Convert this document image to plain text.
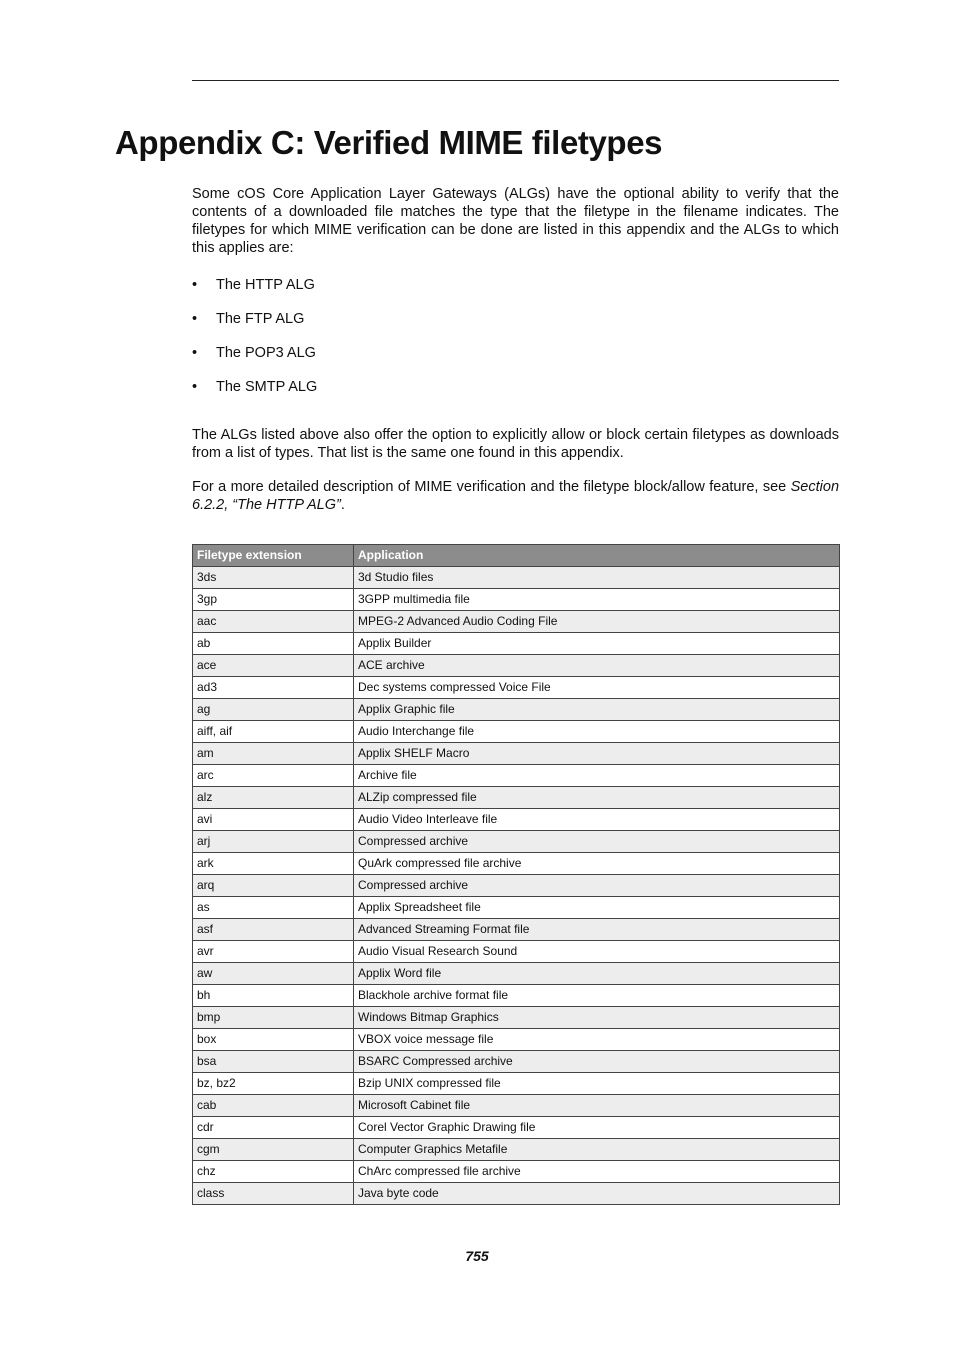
Appendix C: Verified MIME filetypes

Some cOS Core Application Layer Gateways (ALGs) have the optional ability to verify that the contents of a downloaded file matches the type that the filetype in the filename indicates. The filetypes for which MIME verification can be done are listed in this appendix and the ALGs to which this applies are:

• The HTTP ALG
• The FTP ALG
• The POP3 ALG
• The SMTP ALG

The ALGs listed above also offer the option to explicitly allow or block certain filetypes as downloads from a list of types. That list is the same one found in this appendix.

For a more detailed description of MIME verification and the filetype block/allow feature, see Section 6.2.2, “The HTTP ALG”.

Filetype extension	Application
3ds	3d Studio files
3gp	3GPP multimedia file
aac	MPEG-2 Advanced Audio Coding File
ab	Applix Builder
ace	ACE archive
ad3	Dec systems compressed Voice File
ag	Applix Graphic file
aiff, aif	Audio Interchange file
am	Applix SHELF Macro
arc	Archive file
alz	ALZip compressed file
avi	Audio Video Interleave file
arj	Compressed archive
ark	QuArk compressed file archive
arq	Compressed archive
as	Applix Spreadsheet file
asf	Advanced Streaming Format file
avr	Audio Visual Research Sound
aw	Applix Word file
bh	Blackhole archive format file
bmp	Windows Bitmap Graphics
box	VBOX voice message file
bsa	BSARC Compressed archive
bz, bz2	Bzip UNIX compressed file
cab	Microsoft Cabinet file
cdr	Corel Vector Graphic Drawing file
cgm	Computer Graphics Metafile
chz	ChArc compressed file archive
class	Java byte code
755
